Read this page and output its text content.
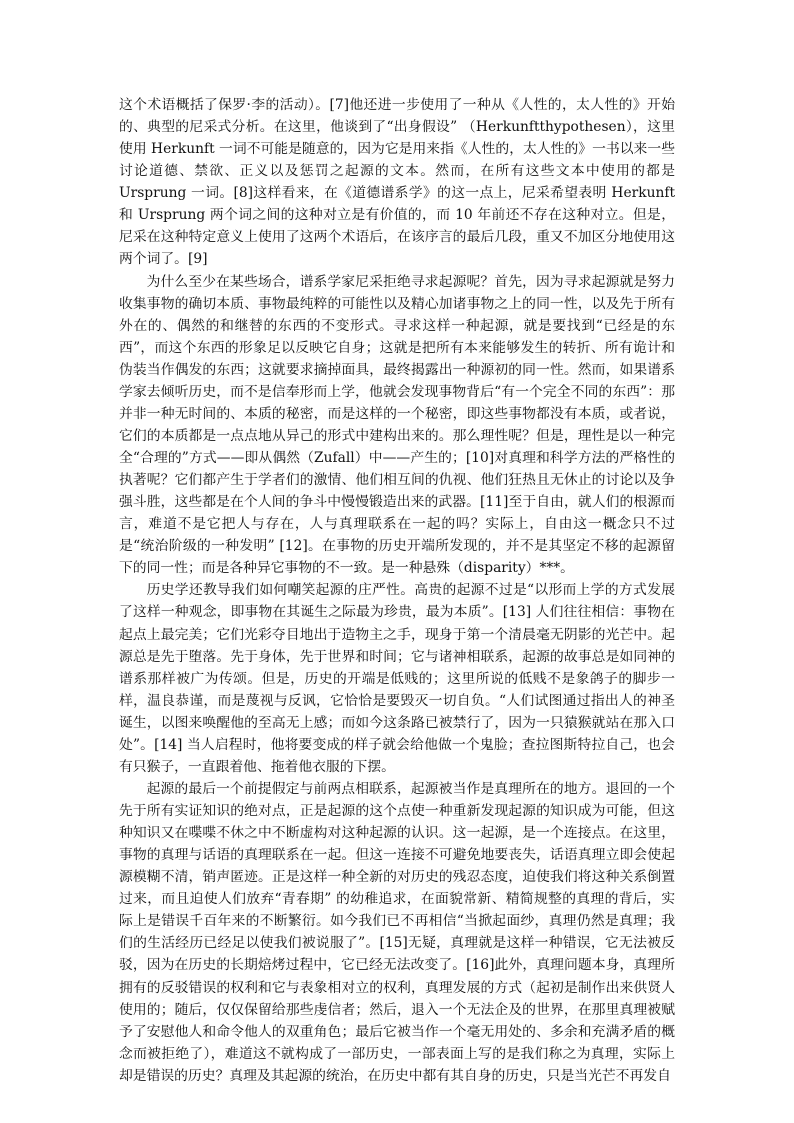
这个术语概括了保罗·李的活动）。[7]他还进一步使用了一种从《人性的，太人性的》开始的、典型的尼采式分析。在这里，他谈到了“出身假设” （Herkunftthypothesen），这里使用 Herkunft 一词不可能是随意的，因为它是用来指《人性的，太人性的》一书以来一些讨论道德、禁欲、正义以及惩罚之起源的文本。然而，在所有这些文本中使用的都是 Ursprung 一词。[8]这样看来，在《道德谱系学》的这一点上，尼采希望表明 Herkunft 和 Ursprung 两个词之间的这种对立是有价值的，而 10 年前还不存在这种对立。但是，尼采在这种特定意义上使用了这两个术语后，在该序言的最后几段，重又不加区分地使用这两个词了。[9]

为什么至少在某些场合，谱系学家尼采拒绝寻求起源呢？首先，因为寻求起源就是努力收集事物的确切本质、事物最纯粹的可能性以及精心加诸事物之上的同一性，以及先于所有外在的、偶然的和继替的东西的不变形式。寻求这样一种起源，就是要找到“已经是的东西”，而这个东西的形象足以反映它自身；这就是把所有本来能够发生的转折、所有诡计和伪装当作偶发的东西；这就要求摘掉面具，最终揭露出一种源初的同一性。然而，如果谱系学家去倾听历史，而不是信奉形而上学，他就会发现事物背后“有一个完全不同的东西”：那并非一种无时间的、本质的秘密，而是这样的一个秘密，即这些事物都没有本质，或者说，它们的本质都是一点点地从异己的形式中建构出来的。那么理性呢？但是，理性是以一种完全“合理的”方式——即从偶然（Zufall）中——产生的；[10]对真理和科学方法的严格性的执著呢？它们都产生于学者们的激情、他们相互间的仇视、他们狂热且无休止的讨论以及争强斗胜，这些都是在个人间的争斗中慢慢锻造出来的武器。[11]至于自由，就人们的根源而言，难道不是它把人与存在，人与真理联系在一起的吗？实际上，自由这一概念只不过是“统治阶级的一种发明” [12]。在事物的历史开端所发现的，并不是其坚定不移的起源留下的同一性；而是各种异它事物的不一致。是一种悬殊（disparity）***。

历史学还教导我们如何嘲笑起源的庄严性。高贵的起源不过是“以形而上学的方式发展了这样一种观念，即事物在其诞生之际最为珍贵，最为本质”。[13] 人们往往相信：事物在起点上最完美；它们光彩夺目地出于造物主之手，现身于第一个清晨毫无阴影的光芒中。起源总是先于堕落。先于身体，先于世界和时间；它与诸神相联系，起源的故事总是如同神的谱系那样被广为传颂。但是，历史的开端是低贱的；这里所说的低贱不是象鸽子的脚步一样，温良恭谨，而是蔑视与反讽，它恰恰是要毁灭一切自负。“人们试图通过指出人的神圣诞生，以图来唤醒他的至高无上感；而如今这条路已被禁行了，因为一只猿猴就站在那入口处”。[14] 当人启程时，他将要变成的样子就会给他做一个鬼脸；查拉图斯特拉自己，也会有只猴子，一直跟着他、拖着他衣服的下摆。

起源的最后一个前提假定与前两点相联系，起源被当作是真理所在的地方。退回的一个先于所有实证知识的绝对点，正是起源的这个点使一种重新发现起源的知识成为可能，但这种知识又在喋喋不休之中不断虚构对这种起源的认识。这一起源，是一个连接点。在这里，事物的真理与话语的真理联系在一起。但这一连接不可避免地要丧失，话语真理立即会使起源模糊不清，销声匿迹。正是这样一种全新的对历史的残忍态度，迫使我们将这种关系倒置过来，而且迫使人们放弃“青春期” 的幼稚追求，在面貌常新、精简规整的真理的背后，实际上是错误千百年来的不断繁衍。如今我们已不再相信“当掀起面纱，真理仍然是真理；我们的生活经历已经足以使我们被说服了”。[15]无疑，真理就是这样一种错误，它无法被反驳，因为在历史的长期焙烤过程中，它已经无法改变了。[16]此外，真理问题本身，真理所拥有的反驳错误的权利和它与表象相对立的权利，真理发展的方式（起初是制作出来供贤人使用的；随后，仅仅保留给那些虔信者；然后，退入一个无法企及的世界，在那里真理被赋予了安慰他人和命令他人的双重角色；最后它被当作一个毫无用处的、多余和充满矛盾的概念而被拒绝了），难道这不就构成了一部历史，一部表面上写的是我们称之为真理，实际上却是错误的历史？真理及其起源的统治，在历史中都有其自身的历史，只是当光芒不再发自
